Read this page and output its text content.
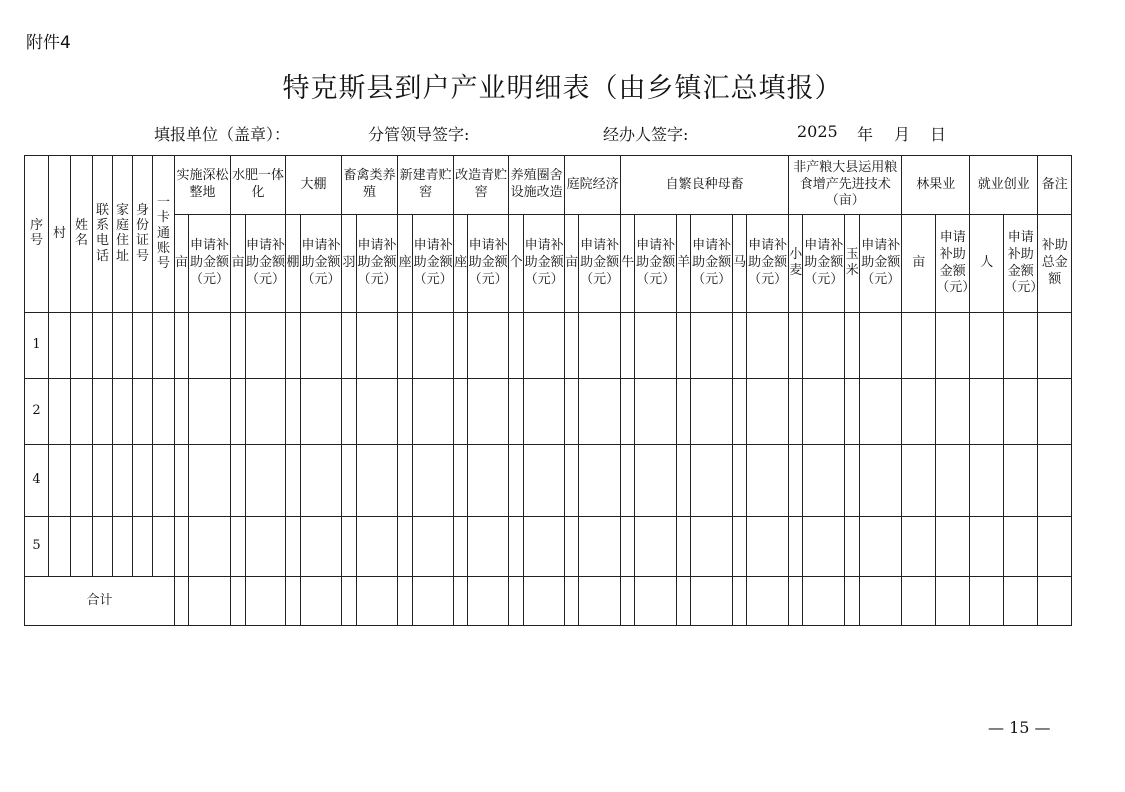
附件4
特克斯县到户产业明细表（由乡镇汇总填报）
填报单位（盖章）：	分管领导签字:	经办人签字:	2025 年 月 日
序号	村	姓名	联系电话	家庭住址	身份证号	一卡通账号	实施深松整地		水肥一体化		大棚		畜禽类养殖		新建青贮窖		改造青贮窖		养殖圈舍设施改造		庭院经济		自繁良种母畜						非产粮大县运用粮食增产先进技术（亩）				林果业		就业创业		备注
							亩	申请补助金额（元）	亩	申请补助金额（元）	棚	申请补助金额（元）	羽	申请补助金额（元）	座	申请补助金额（元）	座	申请补助金额（元）	个	申请补助金额（元）	亩	申请补助金额（元）	牛	申请补助金额（元）	羊	申请补助金额（元）	马	申请补助金额（元）	小麦	申请补助金额（元）	玉米	申请补助金额（元）	亩	申请补助金额（元）	人	申请补助金额（元）	补助总金额

1																																					
2																																					
4																																					
5																																					
合计																																					
— 15 —
